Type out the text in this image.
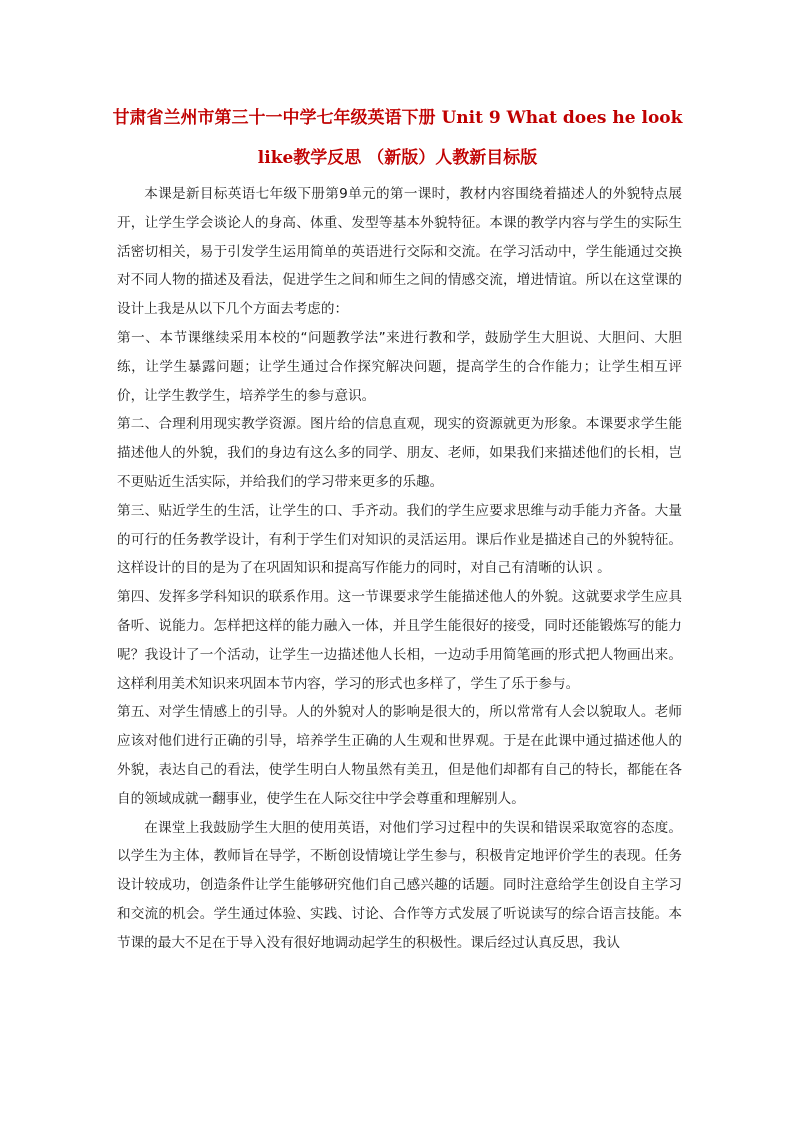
甘肃省兰州市第三十一中学七年级英语下册 Unit 9 What does he look like教学反思 （新版）人教新目标版

本课是新目标英语七年级下册第9单元的第一课时，教材内容围绕着描述人的外貌特点展开，让学生学会谈论人的身高、体重、发型等基本外貌特征。本课的教学内容与学生的实际生活密切相关，易于引发学生运用简单的英语进行交际和交流。在学习活动中，学生能通过交换对不同人物的描述及看法，促进学生之间和师生之间的情感交流，增进情谊。所以在这堂课的设计上我是从以下几个方面去考虑的：

第一、本节课继续采用本校的“问题教学法”来进行教和学，鼓励学生大胆说、大胆问、大胆练，让学生暴露问题；让学生通过合作探究解决问题，提高学生的合作能力；让学生相互评价，让学生教学生，培养学生的参与意识。

第二、合理利用现实教学资源。图片给的信息直观，现实的资源就更为形象。本课要求学生能描述他人的外貌，我们的身边有这么多的同学、朋友、老师，如果我们来描述他们的长相，岂不更贴近生活实际，并给我们的学习带来更多的乐趣。

第三、贴近学生的生活，让学生的口、手齐动。我们的学生应要求思维与动手能力齐备。大量的可行的任务教学设计，有利于学生们对知识的灵活运用。课后作业是描述自己的外貌特征。这样设计的目的是为了在巩固知识和提高写作能力的同时，对自己有清晰的认识 。

第四、发挥多学科知识的联系作用。这一节课要求学生能描述他人的外貌。这就要求学生应具备听、说能力。怎样把这样的能力融入一体，并且学生能很好的接受，同时还能锻炼写的能力呢？我设计了一个活动，让学生一边描述他人长相，一边动手用简笔画的形式把人物画出来。这样利用美术知识来巩固本节内容，学习的形式也多样了，学生了乐于参与。

第五、对学生情感上的引导。人的外貌对人的影响是很大的，所以常常有人会以貌取人。老师应该对他们进行正确的引导，培养学生正确的人生观和世界观。于是在此课中通过描述他人的外貌，表达自己的看法，使学生明白人物虽然有美丑，但是他们却都有自己的特长，都能在各自的领域成就一翻事业，使学生在人际交往中学会尊重和理解别人。

在课堂上我鼓励学生大胆的使用英语，对他们学习过程中的失误和错误采取宽容的态度。以学生为主体，教师旨在导学，不断创设情境让学生参与，积极肯定地评价学生的表现。任务设计较成功，创造条件让学生能够研究他们自己感兴趣的话题。同时注意给学生创设自主学习和交流的机会。学生通过体验、实践、讨论、合作等方式发展了听说读写的综合语言技能。本节课的最大不足在于导入没有很好地调动起学生的积极性。课后经过认真反思，我认
